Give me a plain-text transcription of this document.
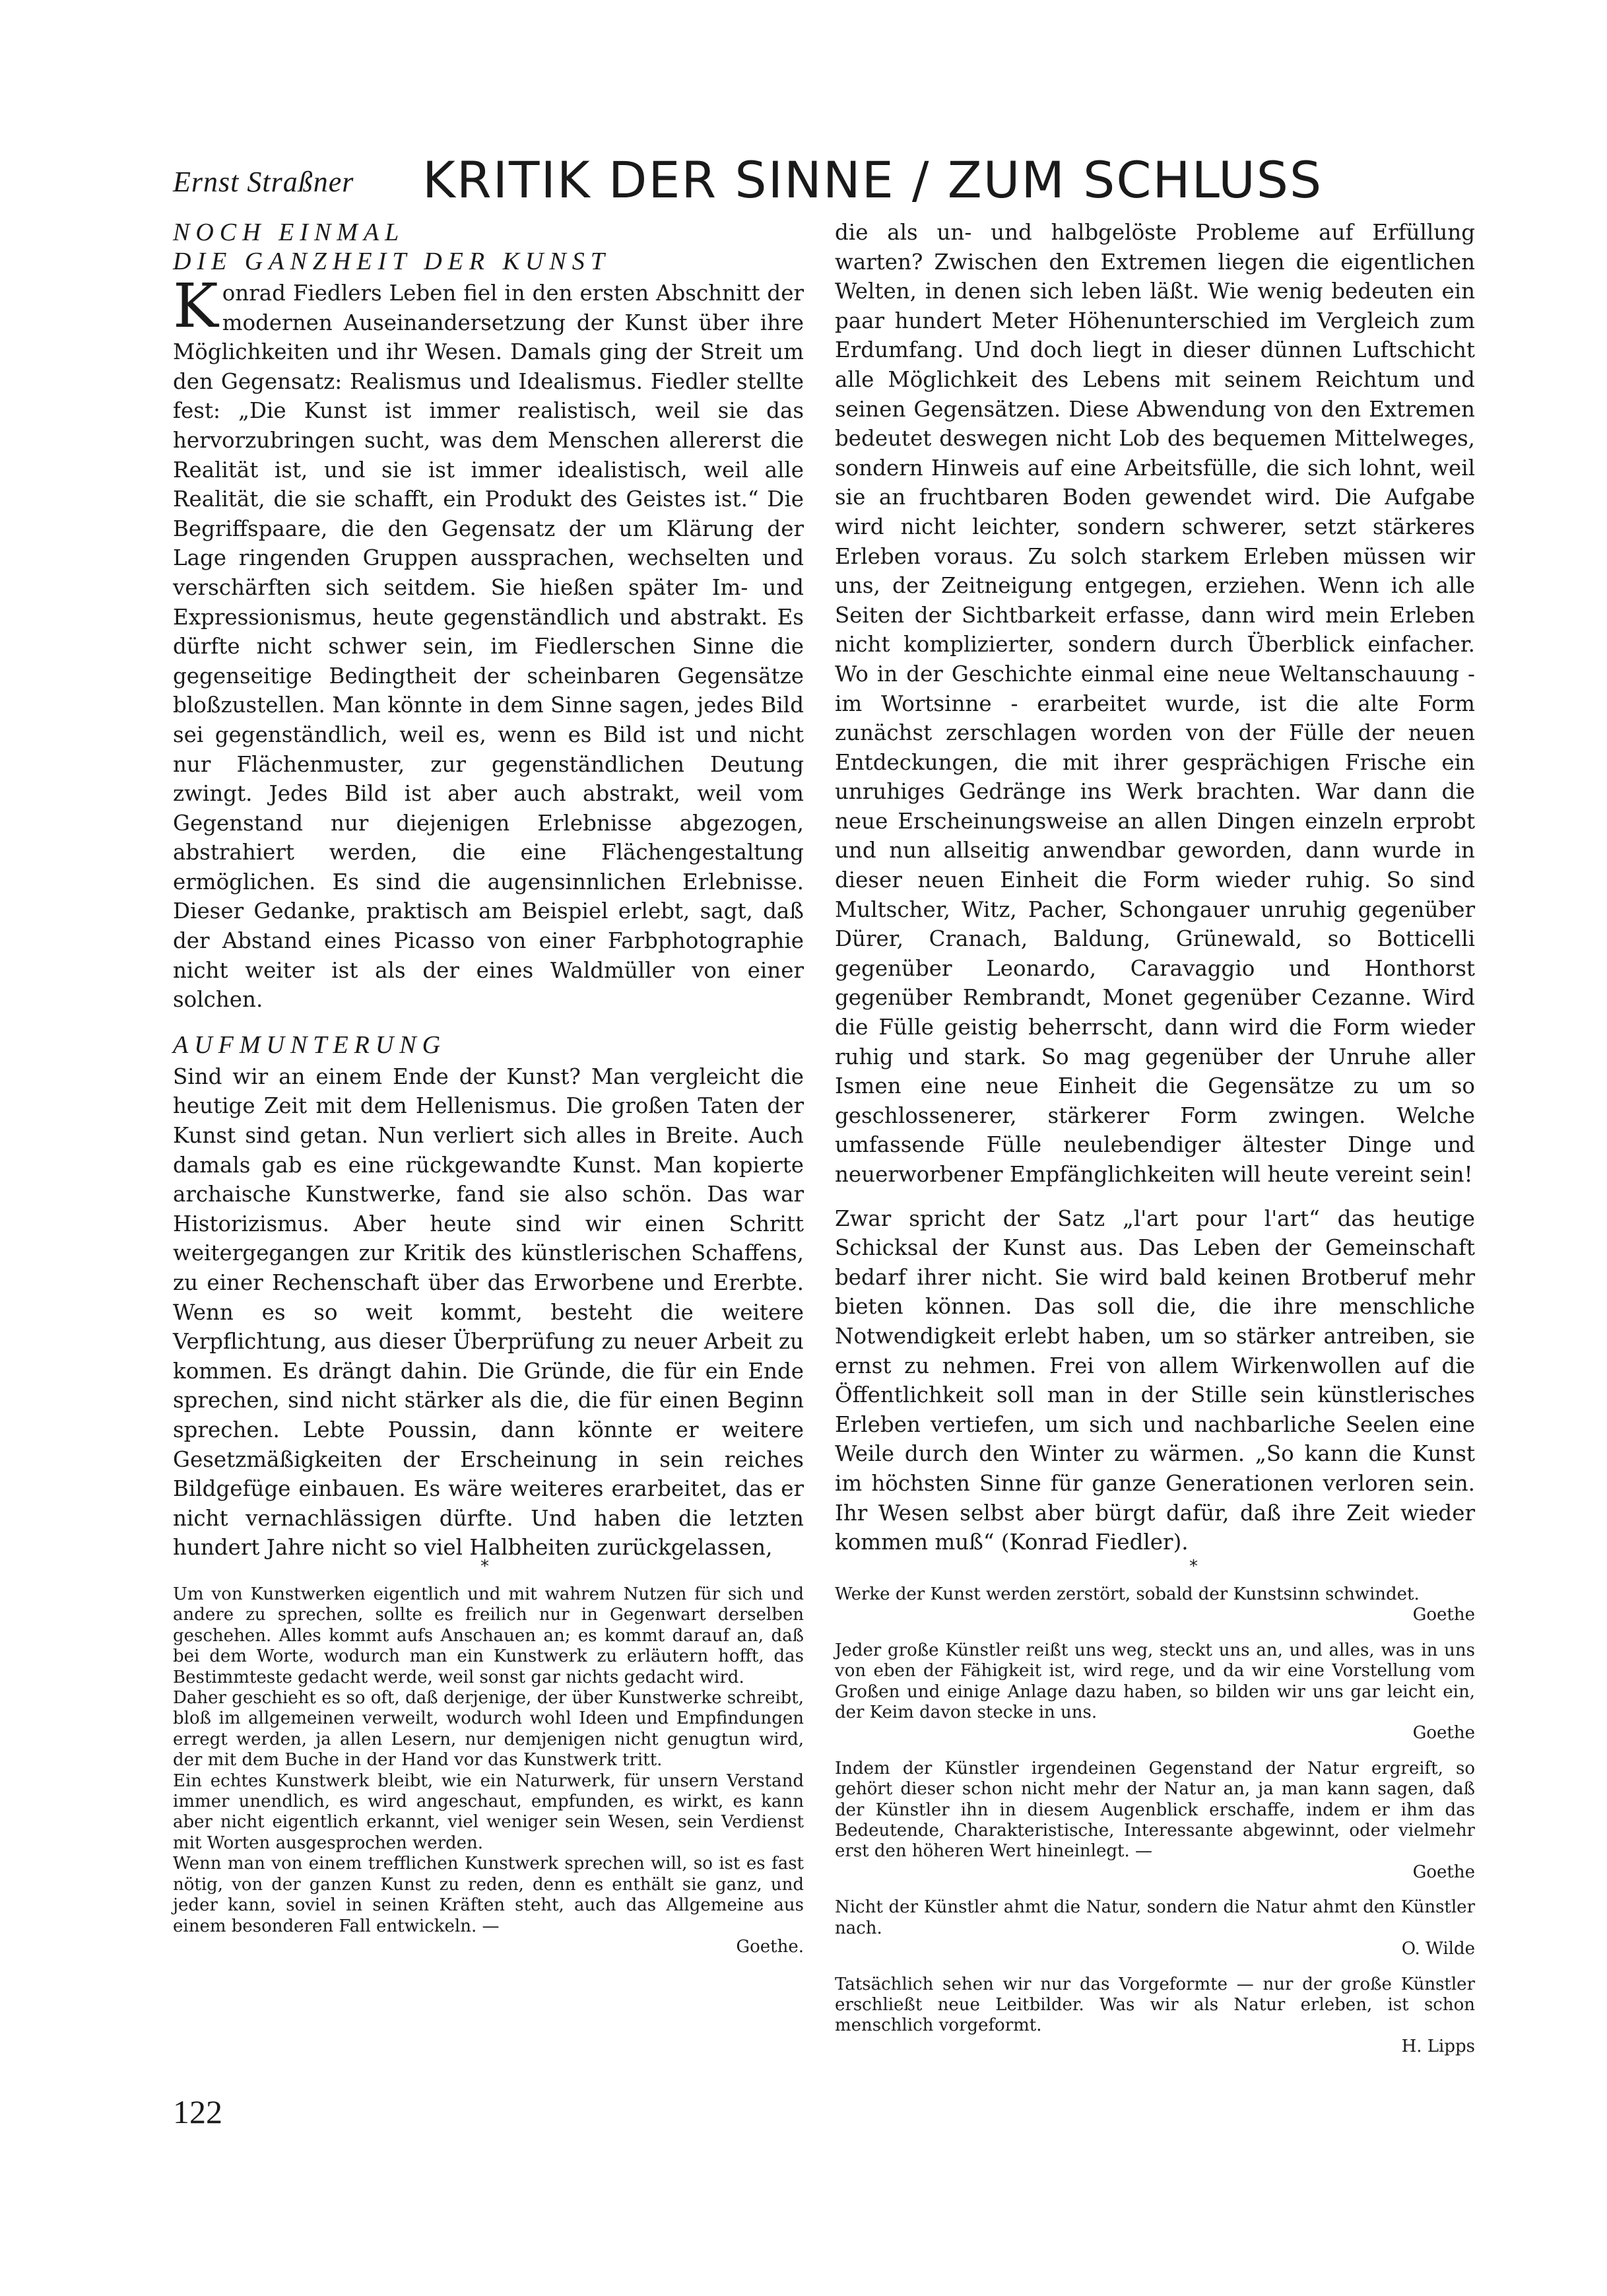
Ernst Straßner	KRITIK DER SINNE / ZUM SCHLUSS
NOCH EINMAL
DIE GANZHEIT DER KUNST

Konrad Fiedlers Leben fiel in den ersten Abschnitt der modernen Auseinandersetzung der Kunst über ihre Möglichkeiten und ihr Wesen. Damals ging der Streit um den Gegensatz: Realismus und Idealismus. Fiedler stellte fest: „Die Kunst ist immer realistisch, weil sie das hervorzubringen sucht, was dem Menschen allererst die Realität ist, und sie ist immer idealistisch, weil alle Realität, die sie schafft, ein Produkt des Geistes ist.“ Die Begriffspaare, die den Gegensatz der um Klärung der Lage ringenden Gruppen aussprachen, wechselten und verschärften sich seitdem. Sie hießen später Im- und Expressionismus, heute gegenständlich und abstrakt. Es dürfte nicht schwer sein, im Fiedlerschen Sinne die gegenseitige Bedingtheit der scheinbaren Gegensätze bloßzustellen. Man könnte in dem Sinne sagen, jedes Bild sei gegenständlich, weil es, wenn es Bild ist und nicht nur Flächenmuster, zur gegenständlichen Deutung zwingt. Jedes Bild ist aber auch abstrakt, weil vom Gegenstand nur diejenigen Erlebnisse abgezogen, abstrahiert werden, die eine Flächengestaltung ermöglichen. Es sind die augensinnlichen Erlebnisse. Dieser Gedanke, praktisch am Beispiel erlebt, sagt, daß der Abstand eines Picasso von einer Farbphotographie nicht weiter ist als der eines Waldmüller von einer solchen.

AUFMUNTERUNG

Sind wir an einem Ende der Kunst? Man vergleicht die heutige Zeit mit dem Hellenismus. Die großen Taten der Kunst sind getan. Nun verliert sich alles in Breite. Auch damals gab es eine rückgewandte Kunst. Man kopierte archaische Kunstwerke, fand sie also schön. Das war Historizismus. Aber heute sind wir einen Schritt weitergegangen zur Kritik des künstlerischen Schaffens, zu einer Rechenschaft über das Erworbene und Ererbte. Wenn es so weit kommt, besteht die weitere Verpflichtung, aus dieser Überprüfung zu neuer Arbeit zu kommen. Es drängt dahin. Die Gründe, die für ein Ende sprechen, sind nicht stärker als die, die für einen Beginn sprechen. Lebte Poussin, dann könnte er weitere Gesetzmäßigkeiten der Erscheinung in sein reiches Bildgefüge einbauen. Es wäre weiteres erarbeitet, das er nicht vernachlässigen dürfte. Und haben die letzten hundert Jahre nicht so viel Halbheiten zurückgelassen,

die als un- und halbgelöste Probleme auf Erfüllung warten? Zwischen den Extremen liegen die eigentlichen Welten, in denen sich leben läßt. Wie wenig bedeuten ein paar hundert Meter Höhenunterschied im Vergleich zum Erdumfang. Und doch liegt in dieser dünnen Luftschicht alle Möglichkeit des Lebens mit seinem Reichtum und seinen Gegensätzen. Diese Abwendung von den Extremen bedeutet deswegen nicht Lob des bequemen Mittelweges, sondern Hinweis auf eine Arbeitsfülle, die sich lohnt, weil sie an fruchtbaren Boden gewendet wird. Die Aufgabe wird nicht leichter, sondern schwerer, setzt stärkeres Erleben voraus. Zu solch starkem Erleben müssen wir uns, der Zeitneigung entgegen, erziehen. Wenn ich alle Seiten der Sichtbarkeit erfasse, dann wird mein Erleben nicht komplizierter, sondern durch Überblick einfacher. Wo in der Geschichte einmal eine neue Weltanschauung - im Wortsinne - erarbeitet wurde, ist die alte Form zunächst zerschlagen worden von der Fülle der neuen Entdeckungen, die mit ihrer gesprächigen Frische ein unruhiges Gedränge ins Werk brachten. War dann die neue Erscheinungsweise an allen Dingen einzeln erprobt und nun allseitig anwendbar geworden, dann wurde in dieser neuen Einheit die Form wieder ruhig. So sind Multscher, Witz, Pacher, Schongauer unruhig gegenüber Dürer, Cranach, Baldung, Grünewald, so Botticelli gegenüber Leonardo, Caravaggio und Honthorst gegenüber Rembrandt, Monet gegenüber Cezanne. Wird die Fülle geistig beherrscht, dann wird die Form wieder ruhig und stark. So mag gegenüber der Unruhe aller Ismen eine neue Einheit die Gegensätze zu um so geschlossenerer, stärkerer Form zwingen. Welche umfassende Fülle neulebendiger ältester Dinge und neuerworbener Empfänglichkeiten will heute vereint sein!

Zwar spricht der Satz „l'art pour l'art“ das heutige Schicksal der Kunst aus. Das Leben der Gemeinschaft bedarf ihrer nicht. Sie wird bald keinen Brotberuf mehr bieten können. Das soll die, die ihre menschliche Notwendigkeit erlebt haben, um so stärker antreiben, sie ernst zu nehmen. Frei von allem Wirkenwollen auf die Öffentlichkeit soll man in der Stille sein künstlerisches Erleben vertiefen, um sich und nachbarliche Seelen eine Weile durch den Winter zu wärmen. „So kann die Kunst im höchsten Sinne für ganze Generationen verloren sein. Ihr Wesen selbst aber bürgt dafür, daß ihre Zeit wieder kommen muß“ (Konrad Fiedler).

*	*

Um von Kunstwerken eigentlich und mit wahrem Nutzen für sich und andere zu sprechen, sollte es freilich nur in Gegenwart derselben geschehen. Alles kommt aufs Anschauen an; es kommt darauf an, daß bei dem Worte, wodurch man ein Kunstwerk zu erläutern hofft, das Bestimmteste gedacht werde, weil sonst gar nichts gedacht wird.

Daher geschieht es so oft, daß derjenige, der über Kunstwerke schreibt, bloß im allgemeinen verweilt, wodurch wohl Ideen und Empfindungen erregt werden, ja allen Lesern, nur demjenigen nicht genugtun wird, der mit dem Buche in der Hand vor das Kunstwerk tritt.

Ein echtes Kunstwerk bleibt, wie ein Naturwerk, für unsern Verstand immer unendlich, es wird angeschaut, empfunden, es wirkt, es kann aber nicht eigentlich erkannt, viel weniger sein Wesen, sein Verdienst mit Worten ausgesprochen werden.

Wenn man von einem trefflichen Kunstwerk sprechen will, so ist es fast nötig, von der ganzen Kunst zu reden, denn es enthält sie ganz, und jeder kann, soviel in seinen Kräften steht, auch das Allgemeine aus einem besonderen Fall entwickeln. —

Goethe.

Werke der Kunst werden zerstört, sobald der Kunstsinn schwindet.

Goethe

Jeder große Künstler reißt uns weg, steckt uns an, und alles, was in uns von eben der Fähigkeit ist, wird rege, und da wir eine Vorstellung vom Großen und einige Anlage dazu haben, so bilden wir uns gar leicht ein, der Keim davon stecke in uns.

Goethe

Indem der Künstler irgendeinen Gegenstand der Natur ergreift, so gehört dieser schon nicht mehr der Natur an, ja man kann sagen, daß der Künstler ihn in diesem Augenblick erschaffe, indem er ihm das Bedeutende, Charakteristische, Interessante abgewinnt, oder vielmehr erst den höheren Wert hineinlegt. —

Goethe

Nicht der Künstler ahmt die Natur, sondern die Natur ahmt den Künstler nach.

O. Wilde

Tatsächlich sehen wir nur das Vorgeformte — nur der große Künstler erschließt neue Leitbilder. Was wir als Natur erleben, ist schon menschlich vorgeformt.

H. Lipps
122
